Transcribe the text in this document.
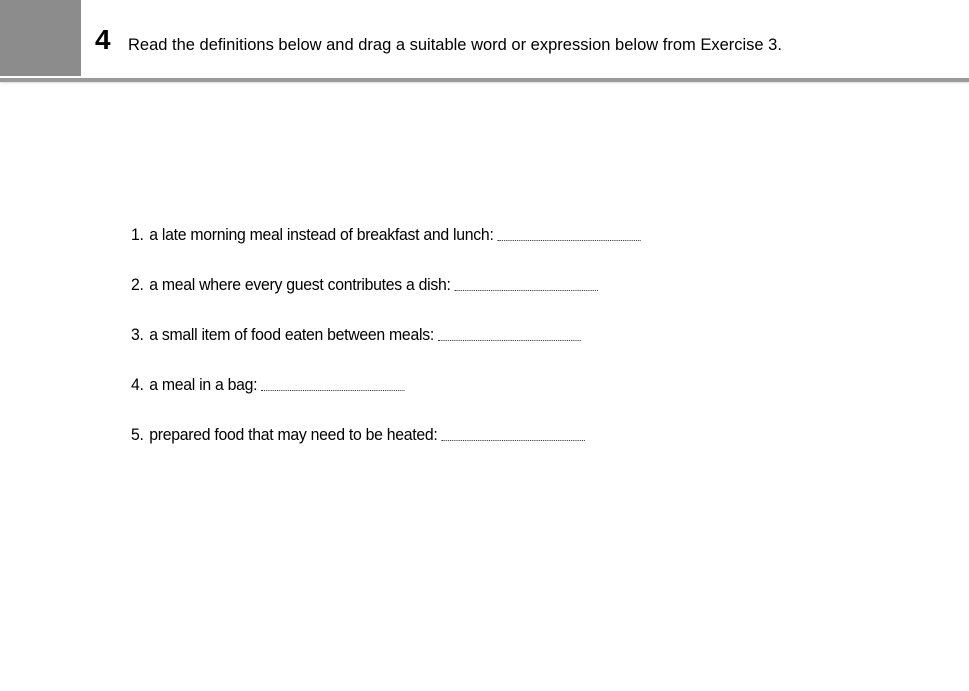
4 Read the definitions below and drag a suitable word or expression below from Exercise 3.
1. a late morning meal instead of breakfast and lunch:
2. a meal where every guest contributes a dish:
3. a small item of food eaten between meals:
4. a meal in a bag:
5. prepared food that may need to be heated:
